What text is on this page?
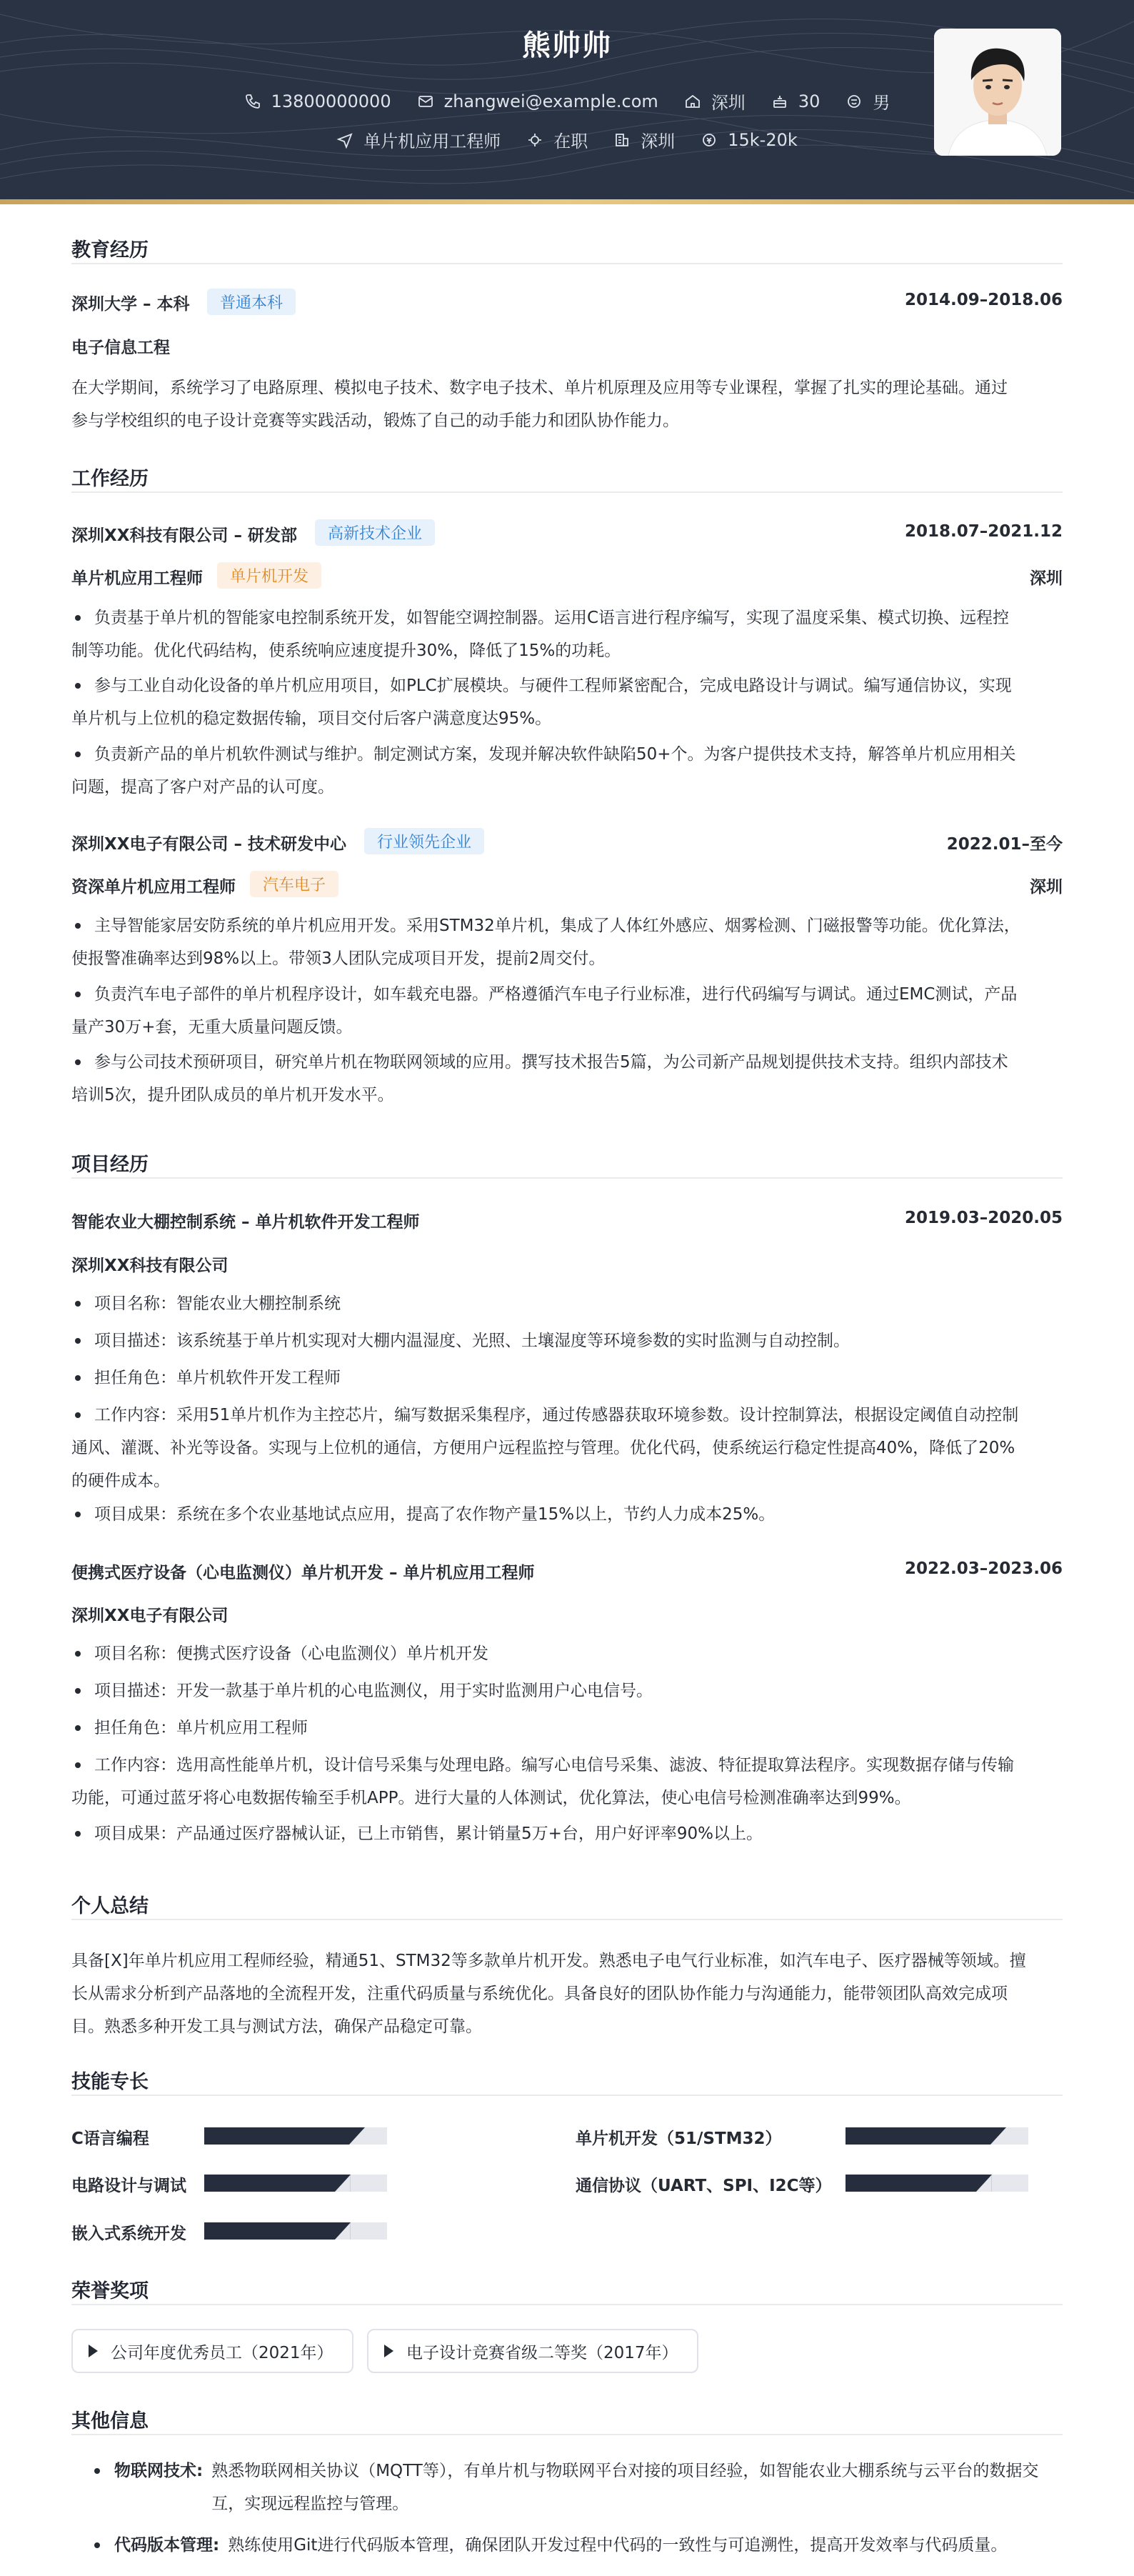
熊帅帅
13800000000	zhangwei@example.com	深圳	30	男
单片机应用工程师	在职	深圳	15k-20k
教育经历
深圳大学 – 本科	普通本科	2014.09–2018.06
电子信息工程
在大学期间，系统学习了电路原理、模拟电子技术、数字电子技术、单片机原理及应用等专业课程，掌握了扎实的理论基础。通过
参与学校组织的电子设计竞赛等实践活动，锻炼了自己的动手能力和团队协作能力。
工作经历
深圳XX科技有限公司 – 研发部	高新技术企业	2018.07–2021.12
单片机应用工程师	单片机开发	深圳
负责基于单片机的智能家电控制系统开发，如智能空调控制器。运用C语言进行程序编写，实现了温度采集、模式切换、远程控
制等功能。优化代码结构，使系统响应速度提升30%，降低了15%的功耗。
参与工业自动化设备的单片机应用项目，如PLC扩展模块。与硬件工程师紧密配合，完成电路设计与调试。编写通信协议，实现
单片机与上位机的稳定数据传输，项目交付后客户满意度达95%。
负责新产品的单片机软件测试与维护。制定测试方案，发现并解决软件缺陷50+个。为客户提供技术支持，解答单片机应用相关
问题，提高了客户对产品的认可度。
深圳XX电子有限公司 – 技术研发中心	行业领先企业	2022.01–至今
资深单片机应用工程师	汽车电子	深圳
主导智能家居安防系统的单片机应用开发。采用STM32单片机，集成了人体红外感应、烟雾检测、门磁报警等功能。优化算法，
使报警准确率达到98%以上。带领3人团队完成项目开发，提前2周交付。
负责汽车电子部件的单片机程序设计，如车载充电器。严格遵循汽车电子行业标准，进行代码编写与调试。通过EMC测试，产品
量产30万+套，无重大质量问题反馈。
参与公司技术预研项目，研究单片机在物联网领域的应用。撰写技术报告5篇，为公司新产品规划提供技术支持。组织内部技术
培训5次，提升团队成员的单片机开发水平。
项目经历
智能农业大棚控制系统 – 单片机软件开发工程师	2019.03–2020.05
深圳XX科技有限公司
项目名称：智能农业大棚控制系统
项目描述：该系统基于单片机实现对大棚内温湿度、光照、土壤湿度等环境参数的实时监测与自动控制。
担任角色：单片机软件开发工程师
工作内容：采用51单片机作为主控芯片，编写数据采集程序，通过传感器获取环境参数。设计控制算法，根据设定阈值自动控制
通风、灌溉、补光等设备。实现与上位机的通信，方便用户远程监控与管理。优化代码，使系统运行稳定性提高40%，降低了20%
的硬件成本。
项目成果：系统在多个农业基地试点应用，提高了农作物产量15%以上，节约人力成本25%。
便携式医疗设备（心电监测仪）单片机开发 – 单片机应用工程师	2022.03–2023.06
深圳XX电子有限公司
项目名称：便携式医疗设备（心电监测仪）单片机开发
项目描述：开发一款基于单片机的心电监测仪，用于实时监测用户心电信号。
担任角色：单片机应用工程师
工作内容：选用高性能单片机，设计信号采集与处理电路。编写心电信号采集、滤波、特征提取算法程序。实现数据存储与传输
功能，可通过蓝牙将心电数据传输至手机APP。进行大量的人体测试，优化算法，使心电信号检测准确率达到99%。
项目成果：产品通过医疗器械认证，已上市销售，累计销量5万+台，用户好评率90%以上。
个人总结
具备[X]年单片机应用工程师经验，精通51、STM32等多款单片机开发。熟悉电子电气行业标准，如汽车电子、医疗器械等领域。擅
长从需求分析到产品落地的全流程开发，注重代码质量与系统优化。具备良好的团队协作能力与沟通能力，能带领团队高效完成项
目。熟悉多种开发工具与测试方法，确保产品稳定可靠。
技能专长
C语言编程	单片机开发（51/STM32）
电路设计与调试	通信协议（UART、SPI、I2C等）
嵌入式系统开发
荣誉奖项
公司年度优秀员工（2021年）	电子设计竞赛省级二等奖（2017年）
其他信息
物联网技术: 熟悉物联网相关协议（MQTT等），有单片机与物联网平台对接的项目经验，如智能农业大棚系统与云平台的数据交
互，实现远程监控与管理。
代码版本管理: 熟练使用Git进行代码版本管理，确保团队开发过程中代码的一致性与可追溯性，提高开发效率与代码质量。
